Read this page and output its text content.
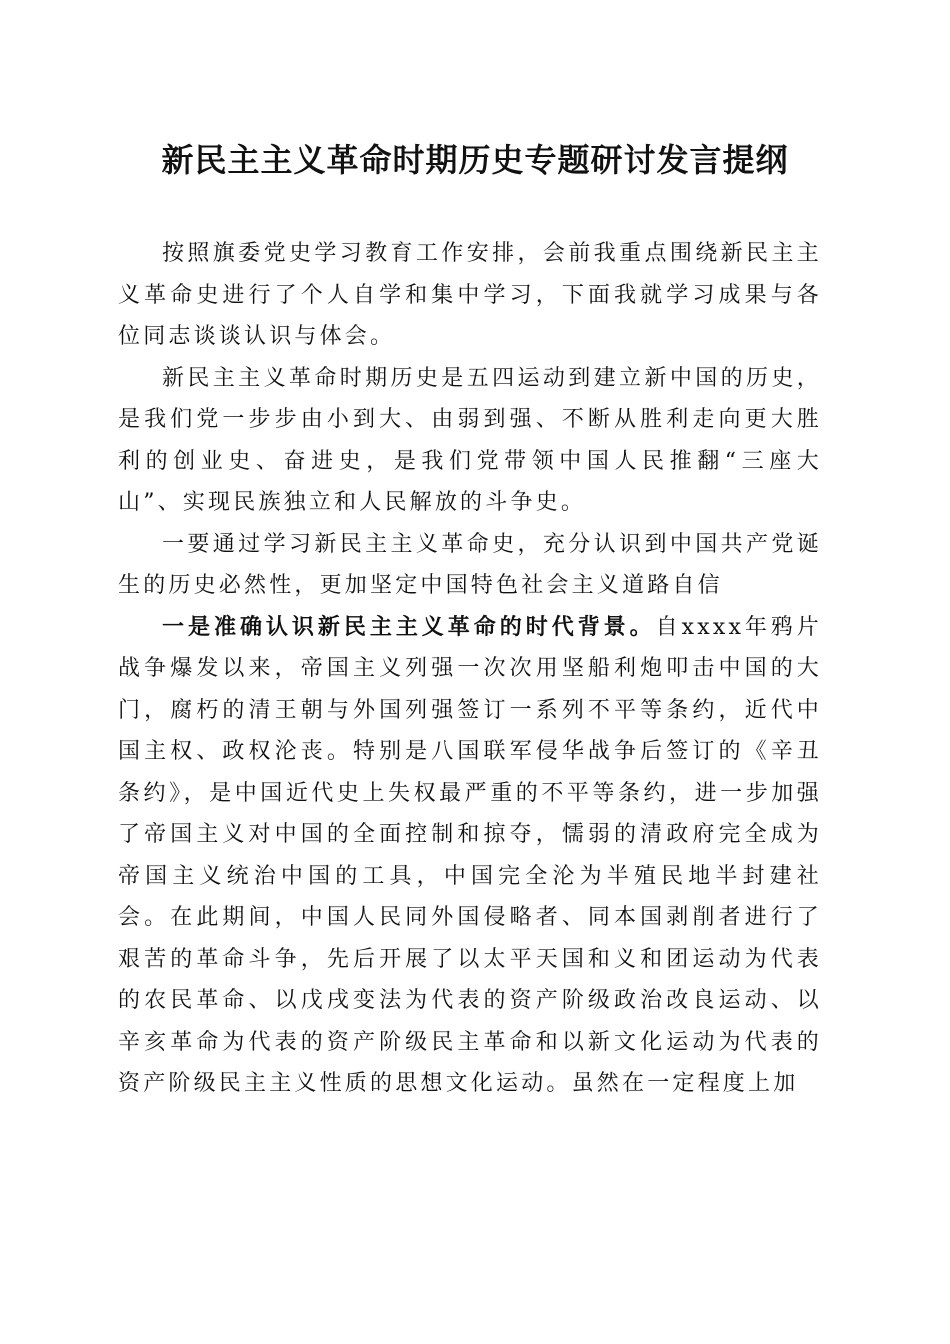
新民主主义革命时期历史专题研讨发言提纲

按照旗委党史学习教育工作安排，会前我重点围绕新民主主义革命史进行了个人自学和集中学习，下面我就学习成果与各位同志谈谈认识与体会。

新民主主义革命时期历史是五四运动到建立新中国的历史，是我们党一步步由小到大、由弱到强、不断从胜利走向更大胜利的创业史、奋进史，是我们党带领中国人民推翻“三座大山”、实现民族独立和人民解放的斗争史。

一要通过学习新民主主义革命史，充分认识到中国共产党诞生的历史必然性，更加坚定中国特色社会主义道路自信

一是准确认识新民主主义革命的时代背景。自xxxx年鸦片战争爆发以来，帝国主义列强一次次用坚船利炮叩击中国的大门，腐朽的清王朝与外国列强签订一系列不平等条约，近代中国主权、政权沦丧。特别是八国联军侵华战争后签订的《辛丑条约》，是中国近代史上失权最严重的不平等条约，进一步加强了帝国主义对中国的全面控制和掠夺，懦弱的清政府完全成为帝国主义统治中国的工具，中国完全沦为半殖民地半封建社会。在此期间，中国人民同外国侵略者、同本国剥削者进行了艰苦的革命斗争，先后开展了以太平天国和义和团运动为代表的农民革命、以戊戌变法为代表的资产阶级政治改良运动、以辛亥革命为代表的资产阶级民主革命和以新文化运动为代表的资产阶级民主主义性质的思想文化运动。虽然在一定程度上加
